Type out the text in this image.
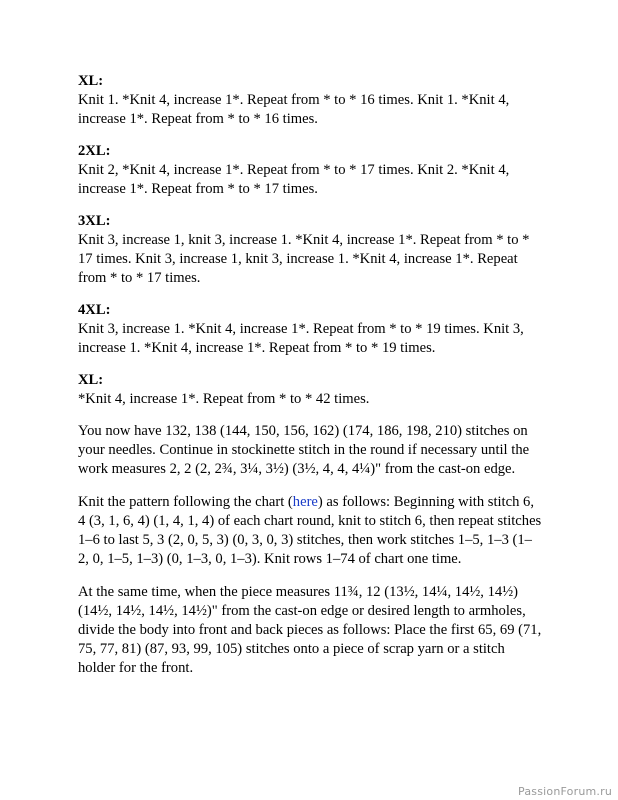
XL:
Knit 1. *Knit 4, increase 1*. Repeat from * to * 16 times. Knit 1. *Knit 4, increase 1*. Repeat from * to * 16 times.
2XL:
Knit 2, *Knit 4, increase 1*. Repeat from * to * 17 times. Knit 2. *Knit 4, increase 1*. Repeat from * to * 17 times.
3XL:
Knit 3, increase 1, knit 3, increase 1. *Knit 4, increase 1*. Repeat from * to * 17 times. Knit 3, increase 1, knit 3, increase 1. *Knit 4, increase 1*. Repeat from * to * 17 times.
4XL:
Knit 3, increase 1. *Knit 4, increase 1*. Repeat from * to * 19 times. Knit 3, increase 1. *Knit 4, increase 1*. Repeat from * to * 19 times.
XL:
*Knit 4, increase 1*. Repeat from * to * 42 times.

You now have 132, 138 (144, 150, 156, 162) (174, 186, 198, 210) stitches on your needles. Continue in stockinette stitch in the round if necessary until the work measures 2, 2 (2, 2¾, 3¼, 3½) (3½, 4, 4, 4¼)" from the cast-on edge.

Knit the pattern following the chart (here) as follows: Beginning with stitch 6, 4 (3, 1, 6, 4) (1, 4, 1, 4) of each chart round, knit to stitch 6, then repeat stitches 1–6 to last 5, 3 (2, 0, 5, 3) (0, 3, 0, 3) stitches, then work stitches 1–5, 1–3 (1–2, 0, 1–5, 1–3) (0, 1–3, 0, 1–3). Knit rows 1–74 of chart one time.

At the same time, when the piece measures 11¾, 12 (13½, 14¼, 14½, 14½) (14½, 14½, 14½, 14½)" from the cast-on edge or desired length to armholes, divide the body into front and back pieces as follows: Place the first 65, 69 (71, 75, 77, 81) (87, 93, 99, 105) stitches onto a piece of scrap yarn or a stitch holder for the front.

PassionForum.ru
